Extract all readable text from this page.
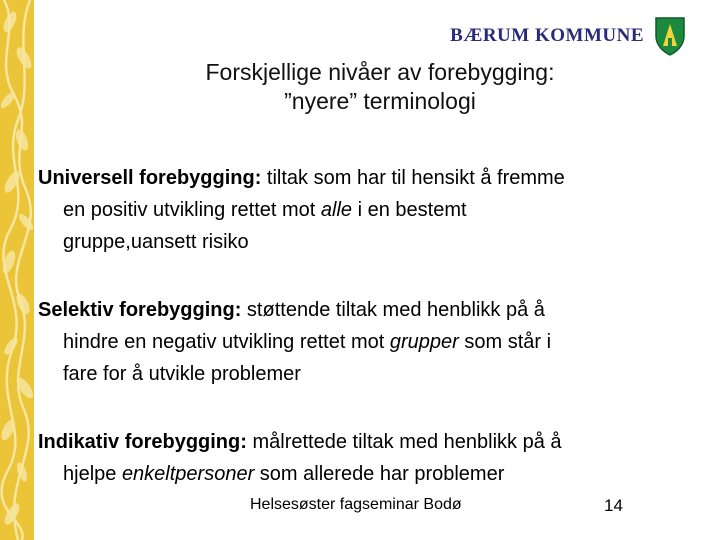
BÆRUM KOMMUNE
Forskjellige nivåer av forebygging:
”nyere” terminologi
Universell forebygging: tiltak som har til hensikt å fremme
en positiv utvikling rettet mot alle i en bestemt
gruppe,uansett risiko
Selektiv forebygging: støttende tiltak med henblikk på å
hindre en negativ utvikling rettet mot grupper som står i
fare for å utvikle problemer
Indikativ forebygging: målrettede tiltak med henblikk på å
hjelpe enkeltpersoner som allerede har problemer
Helsesøster fagseminar Bodø	14
